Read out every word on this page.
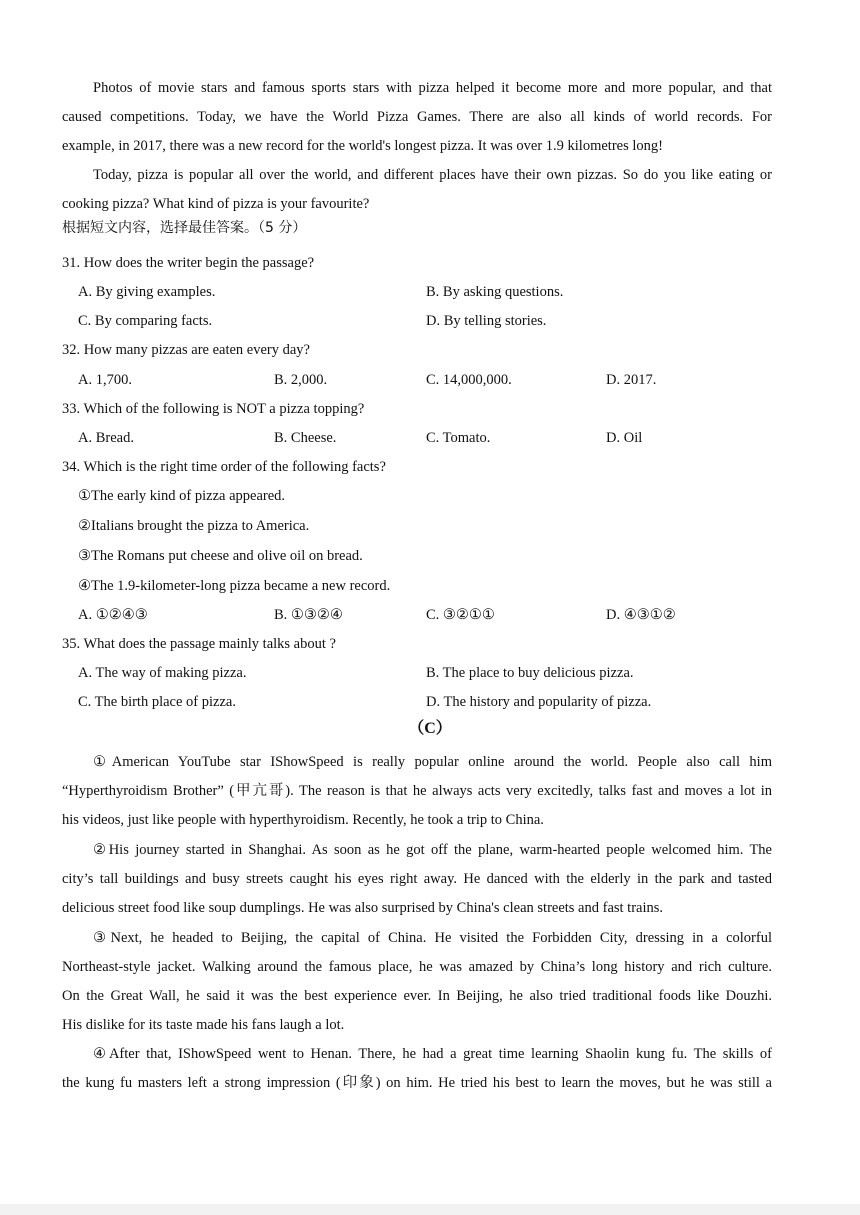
Photos of movie stars and famous sports stars with pizza helped it become more and more popular, and that
caused competitions. Today, we have the World Pizza Games. There are also all kinds of world records. For
example, in 2017, there was a new record for the world's longest pizza. It was over 1.9 kilometres long!
Today, pizza is popular all over the world, and different places have their own pizzas. So do you like eating or
cooking pizza? What kind of pizza is your favourite?
根据短文内容，选择最佳答案。（5 分）
31. How does the writer begin the passage?
A. By giving examples.	B. By asking questions.
C. By comparing facts.	D. By telling stories.
32. How many pizzas are eaten every day?
A. 1,700.	B. 2,000.	C. 14,000,000.	D. 2017.
33. Which of the following is NOT a pizza topping?
A. Bread.	B. Cheese.	C. Tomato.	D. Oil
34. Which is the right time order of the following facts?
①The early kind of pizza appeared.
②Italians brought the pizza to America.
③The Romans put cheese and olive oil on bread.
④The 1.9-kilometer-long pizza became a new record.
A. ①②④③	B. ①③②④	C. ③②①①	D. ④③①②
35. What does the passage mainly talks about ?
A. The way of making pizza.	B. The place to buy delicious pizza.
C. The birth place of pizza.	D. The history and popularity of pizza.
（C）
①American YouTube star IShowSpeed is really popular online around the world. People also call him
“Hyperthyroidism Brother” (甲亢哥). The reason is that he always acts very excitedly, talks fast and moves a lot in
his videos, just like people with hyperthyroidism. Recently, he took a trip to China.
②His journey started in Shanghai. As soon as he got off the plane, warm-hearted people welcomed him. The
city’s tall buildings and busy streets caught his eyes right away. He danced with the elderly in the park and tasted
delicious street food like soup dumplings. He was also surprised by China's clean streets and fast trains.
③Next, he headed to Beijing, the capital of China. He visited the Forbidden City, dressing in a colorful
Northeast-style jacket. Walking around the famous place, he was amazed by China’s long history and rich culture.
On the Great Wall, he said it was the best experience ever. In Beijing, he also tried traditional foods like Douzhi.
His dislike for its taste made his fans laugh a lot.
④After that, IShowSpeed went to Henan. There, he had a great time learning Shaolin kung fu. The skills of
the kung fu masters left a strong impression (印象) on him. He tried his best to learn the moves, but he was still a
